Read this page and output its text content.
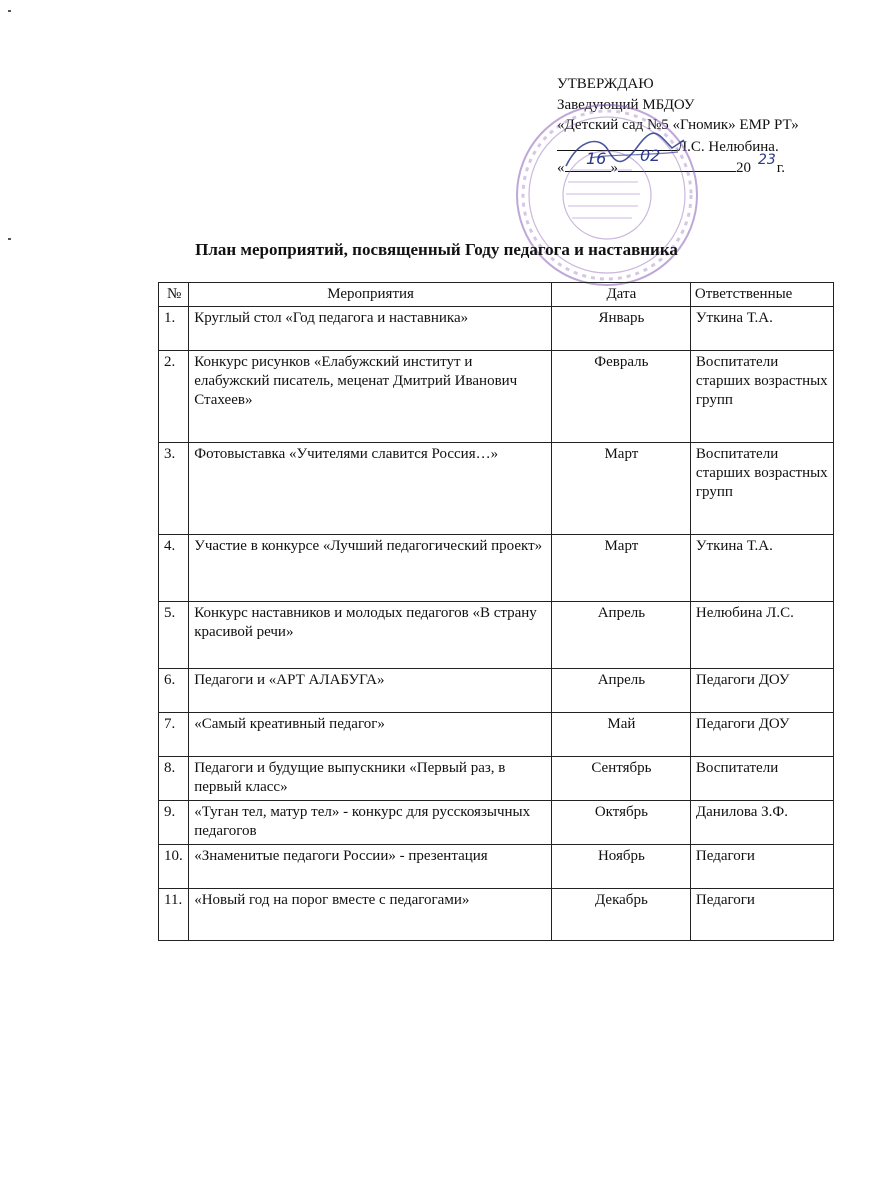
УТВЕРЖДАЮ
Заведующий МБДОУ
«Детский сад №5 «Гномик» ЕМР РТ»
Л.С. Нелюбина.
«	»	20 г.
16 02	23
План мероприятий, посвященный Году педагога и наставника
№	Мероприятия	Дата	Ответственные
1.	Круглый стол «Год педагога и наставника»	Январь	Уткина Т.А.
2.	Конкурс рисунков «Елабужский институт и елабужский писатель, меценат Дмитрий Иванович Стахеев»	Февраль	Воспитатели старших возрастных групп
3.	Фотовыставка «Учителями славится Россия…»	Март	Воспитатели старших возрастных групп
4.	Участие в конкурсе «Лучший педагогический проект»	Март	Уткина Т.А.
5.	Конкурс наставников и молодых педагогов «В страну красивой речи»	Апрель	Нелюбина Л.С.
6.	Педагоги и «АРТ АЛАБУГА»	Апрель	Педагоги ДОУ
7.	«Самый креативный педагог»	Май	Педагоги ДОУ
8.	Педагоги и будущие выпускники «Первый раз, в первый класс»	Сентябрь	Воспитатели
9.	«Туган тел, матур тел» - конкурс для русскоязычных педагогов	Октябрь	Данилова З.Ф.
10.	«Знаменитые педагоги России» - презентация	Ноябрь	Педагоги
11.	«Новый год на порог вместе с педагогами»	Декабрь	Педагоги
